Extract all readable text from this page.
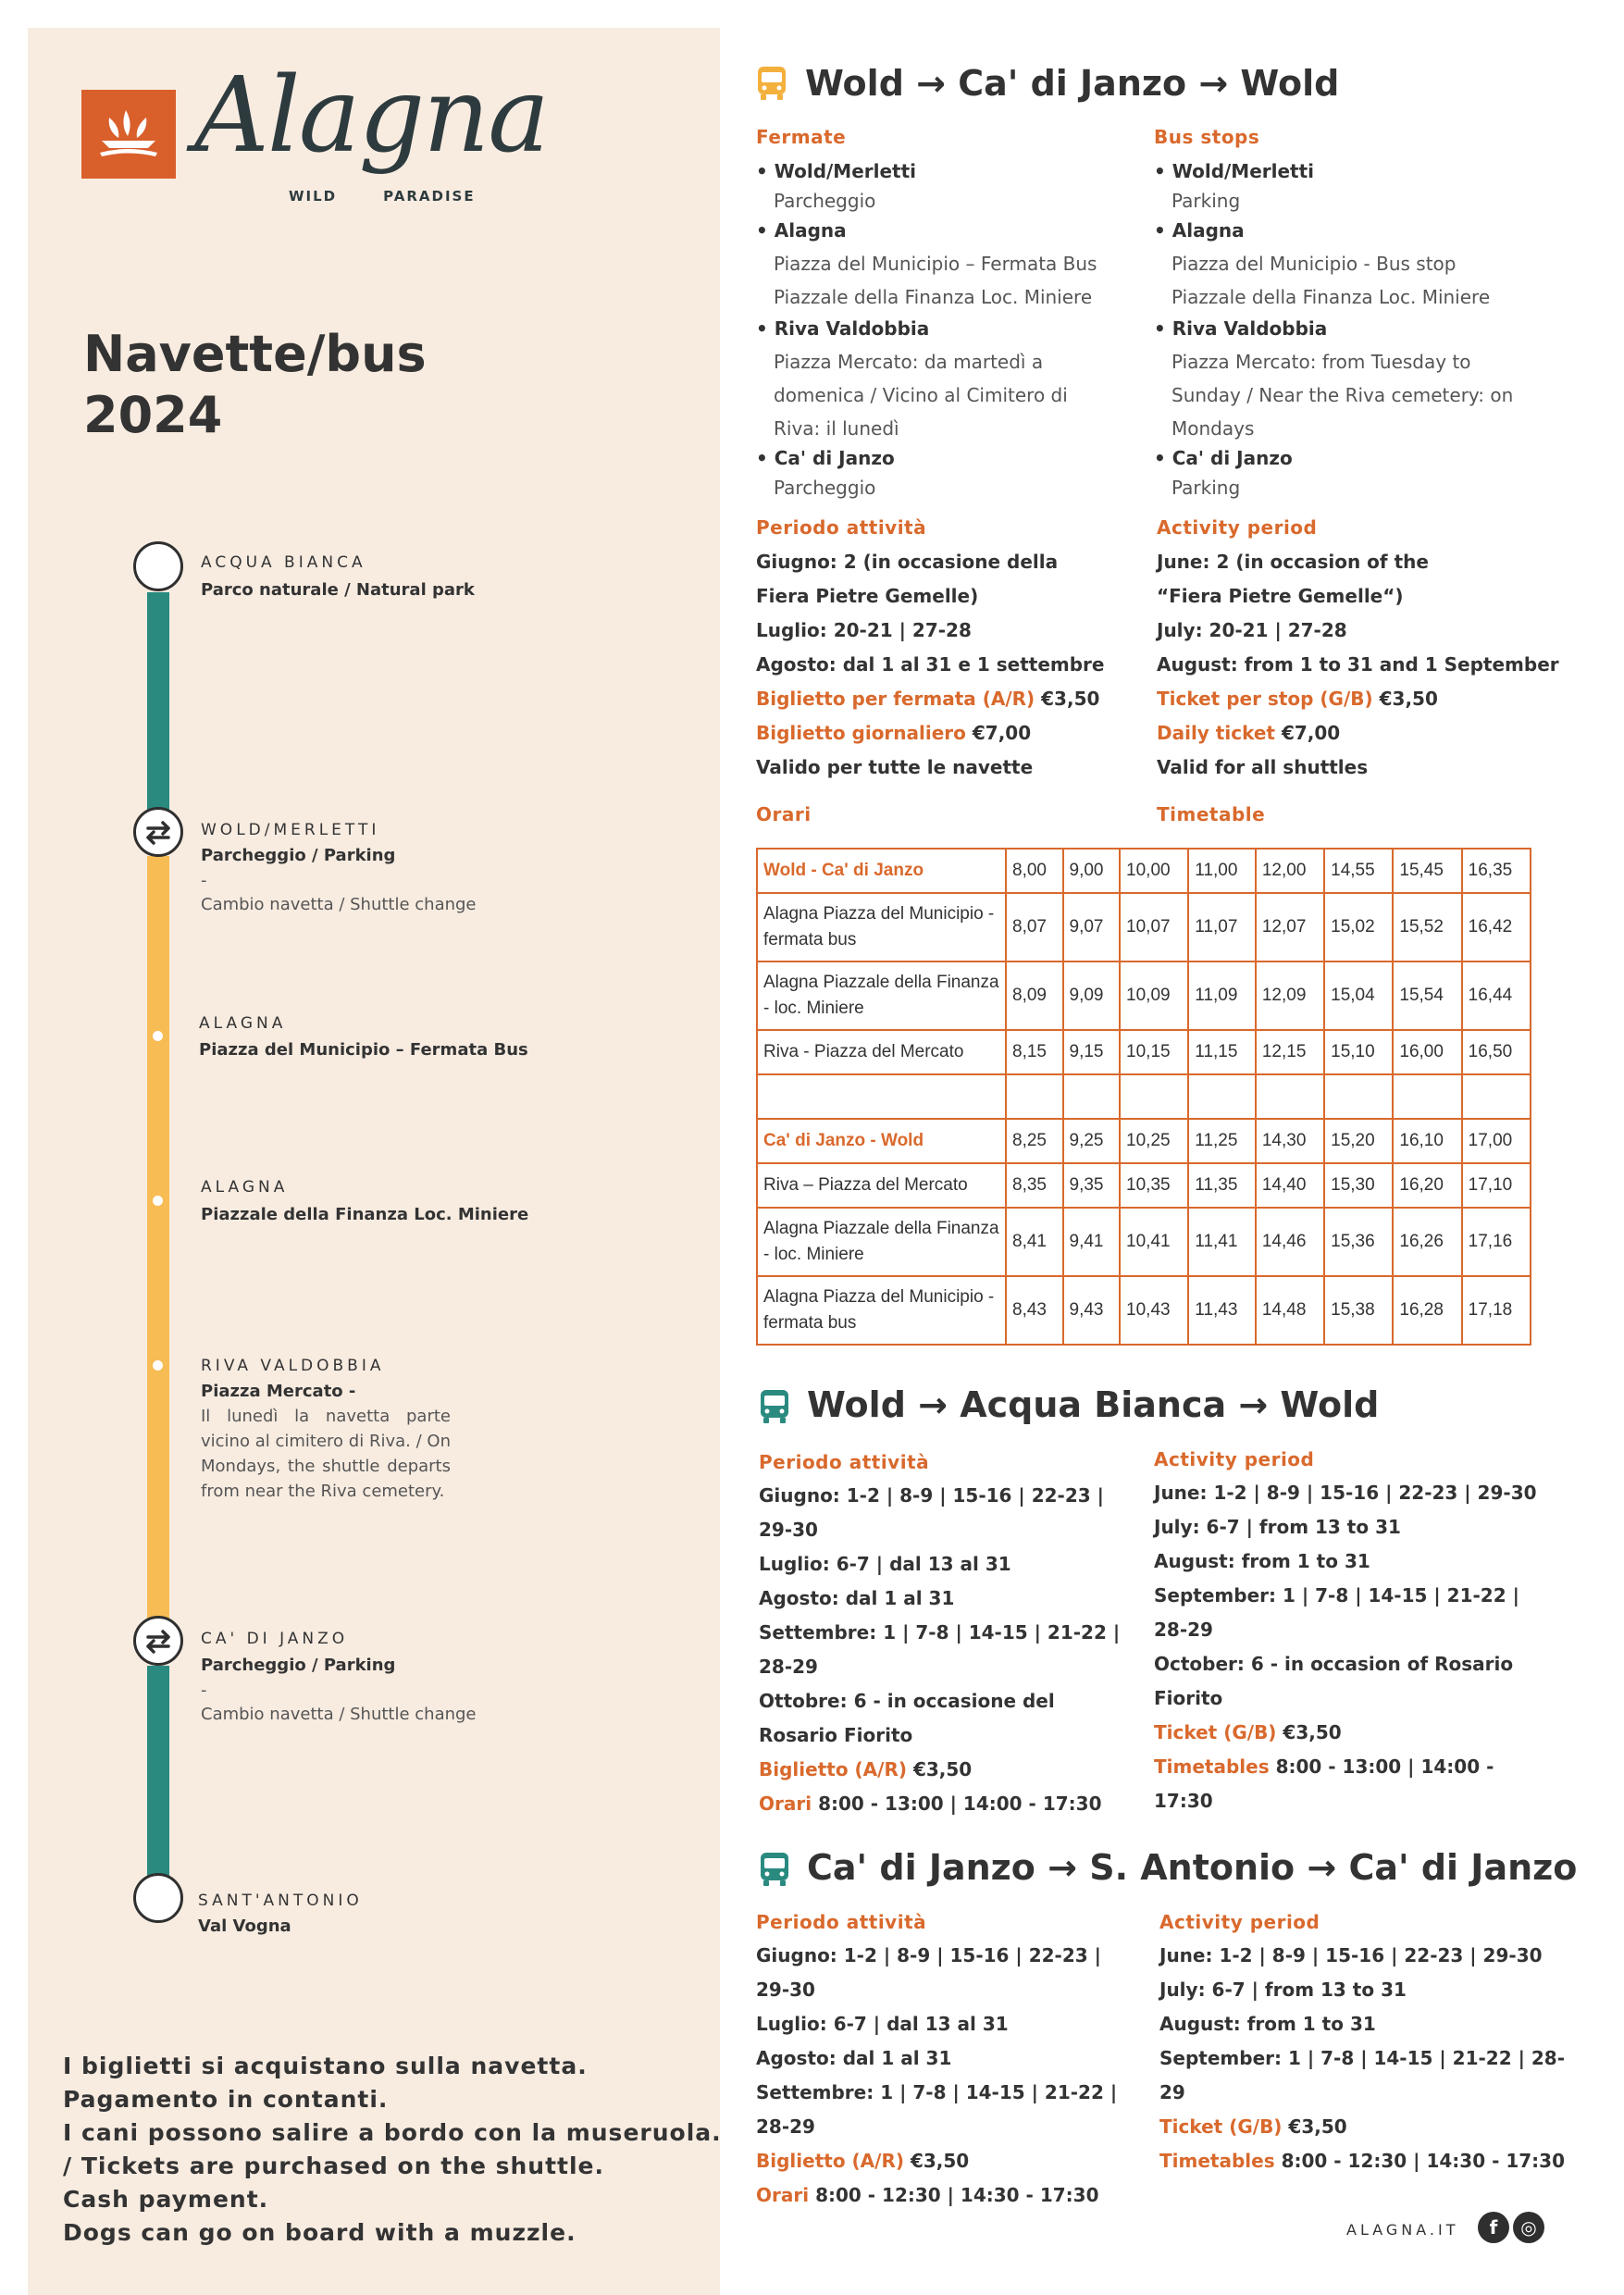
Alagna
WILD	PARADISE
Navette/bus
2024
ACQUA BIANCA
Parco naturale / Natural park
WOLD/MERLETTI
Parcheggio / Parking
-
Cambio navetta / Shuttle change
ALAGNA
Piazza del Municipio – Fermata Bus
ALAGNA
Piazzale della Finanza Loc. Miniere
RIVA VALDOBBIA
Piazza Mercato -
Il lunedì la navetta parte vicino al cimitero di Riva. / On Mondays, the shuttle departs from near the Riva cemetery.
CA' DI JANZO
Parcheggio / Parking
-
Cambio navetta / Shuttle change
SANT'ANTONIO
Val Vogna
I biglietti si acquistano sulla navetta.
Pagamento in contanti.
I cani possono salire a bordo con la museruola.
/ Tickets are purchased on the shuttle.
Cash payment.
Dogs can go on board with a muzzle.
Wold → Ca' di Janzo → Wold
Fermate
• Wold/Merletti
Parcheggio
• Alagna
Piazza del Municipio – Fermata Bus
Piazzale della Finanza Loc. Miniere
• Riva Valdobbia
Piazza Mercato: da martedì a
domenica / Vicino al Cimitero di
Riva: il lunedì
• Ca' di Janzo
Parcheggio
Bus stops
• Wold/Merletti
Parking
• Alagna
Piazza del Municipio - Bus stop
Piazzale della Finanza Loc. Miniere
• Riva Valdobbia
Piazza Mercato: from Tuesday to
Sunday / Near the Riva cemetery: on
Mondays
• Ca' di Janzo
Parking
Periodo attività
Giugno: 2 (in occasione della
Fiera Pietre Gemelle)
Luglio: 20-21 | 27-28
Agosto: dal 1 al 31 e 1 settembre
Biglietto per fermata (A/R) €3,50
Biglietto giornaliero €7,00
Valido per tutte le navette
Activity period
June: 2 (in occasion of the
“Fiera Pietre Gemelle“)
July: 20-21 | 27-28
August: from 1 to 31 and 1 September
Ticket per stop (G/B) €3,50
Daily ticket €7,00
Valid for all shuttles
Orari	Timetable
Wold - Ca' di Janzo	8,00	9,00	10,00	11,00	12,00	14,55	15,45	16,35
Alagna Piazza del Municipio - fermata bus	8,07	9,07	10,07	11,07	12,07	15,02	15,52	16,42
Alagna Piazzale della Finanza - loc. Miniere	8,09	9,09	10,09	11,09	12,09	15,04	15,54	16,44
Riva - Piazza del Mercato	8,15	9,15	10,15	11,15	12,15	15,10	16,00	16,50

Ca' di Janzo - Wold	8,25	9,25	10,25	11,25	14,30	15,20	16,10	17,00
Riva – Piazza del Mercato	8,35	9,35	10,35	11,35	14,40	15,30	16,20	17,10
Alagna Piazzale della Finanza - loc. Miniere	8,41	9,41	10,41	11,41	14,46	15,36	16,26	17,16
Alagna Piazza del Municipio - fermata bus	8,43	9,43	10,43	11,43	14,48	15,38	16,28	17,18
Wold → Acqua Bianca → Wold
Periodo attività
Giugno: 1-2 | 8-9 | 15-16 | 22-23 |
29-30
Luglio: 6-7 | dal 13 al 31
Agosto: dal 1 al 31
Settembre: 1 | 7-8 | 14-15 | 21-22 |
28-29
Ottobre: 6 - in occasione del
Rosario Fiorito
Biglietto (A/R) €3,50
Orari 8:00 - 13:00 | 14:00 - 17:30
Activity period
June: 1-2 | 8-9 | 15-16 | 22-23 | 29-30
July: 6-7 | from 13 to 31
August: from 1 to 31
September: 1 | 7-8 | 14-15 | 21-22 |
28-29
October: 6 - in occasion of Rosario
Fiorito
Ticket (G/B) €3,50
Timetables 8:00 - 13:00 | 14:00 -
17:30
Ca' di Janzo → S. Antonio → Ca' di Janzo
Periodo attività
Giugno: 1-2 | 8-9 | 15-16 | 22-23 |
29-30
Luglio: 6-7 | dal 13 al 31
Agosto: dal 1 al 31
Settembre: 1 | 7-8 | 14-15 | 21-22 |
28-29
Biglietto (A/R) €3,50
Orari 8:00 - 12:30 | 14:30 - 17:30
Activity period
June: 1-2 | 8-9 | 15-16 | 22-23 | 29-30
July: 6-7 | from 13 to 31
August: from 1 to 31
September: 1 | 7-8 | 14-15 | 21-22 | 28-
29
Ticket (G/B) €3,50
Timetables 8:00 - 12:30 | 14:30 - 17:30
ALAGNA.IT	f	◎
